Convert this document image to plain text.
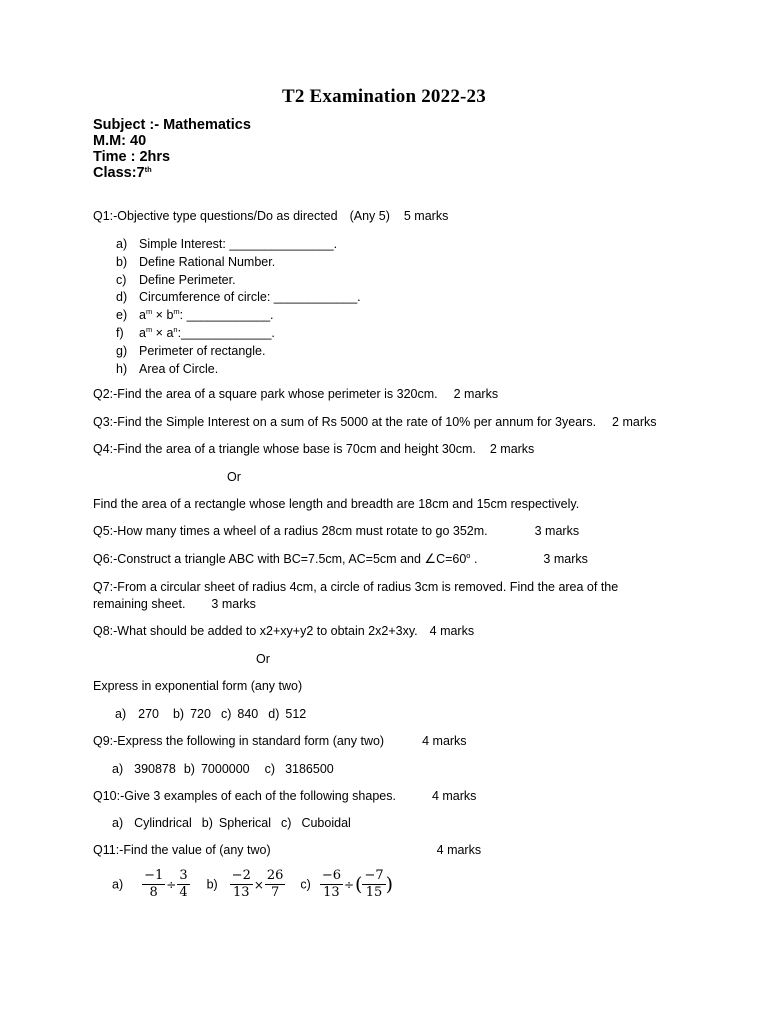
T2 Examination 2022-23
Subject :- Mathematics
M.M: 40
Time : 2hrs
Class:7th
Q1:-Objective type questions/Do as directed (Any 5) 5 marks
a) Simple Interest: _______________.
b) Define Rational Number.
c)	Define Perimeter.
d) Circumference of circle: ____________.
e) $a^m \times b^m$: ____________.
f)	$a^m$ × $a^n:\_\_\_\_\_\_\_\_\_\_\_\_\_$.
g) Perimeter of rectangle.
h) Area of Circle.
Q2:-Find the area of a square park whose perimeter is 320cm. 2 marks
Q3:-Find the Simple Interest on a sum of Rs 5000 at the rate of 10% per annum for 3years. 2 marks
Q4:-Find the area of a triangle whose base is 70cm and height 30cm. 2 marks
Or
Find the area of a rectangle whose length and breadth are 18cm and 15cm respectively.
Q5:-How many times a wheel of a radius 28cm must rotate to go 352m.	3 marks
Q6:-Construct a triangle ABC with BC=7.5cm, AC=5cm and $\angle C=60^o$ .	3 marks
Q7:-From a circular sheet of radius 4cm, a circle of radius 3cm is removed. Find the area of the
remaining sheet. 3 marks
Q8:-What should be added to x2+xy+y2 to obtain 2x2+3xy. 4 marks
Or
Express in exponential form (any two)
a) 270 b) 720 c) 840 d) 512
Q9:-Express the following in standard form (any two)	4 marks
a) 390878 b) 7000000 c) 3186500
Q10:-Give 3 examples of each of the following shapes.	4 marks
a) Cylindrical b) Spherical c) Cuboidal
Q11:-Find the value of (any two)	4 marks
$a) \frac{-1}{8} \div \frac{3}{4} b) \frac{-2}{13} \times \frac{26}{7} c) \frac{-6}{13}$ ÷( $\frac{-7}{15}$ )
